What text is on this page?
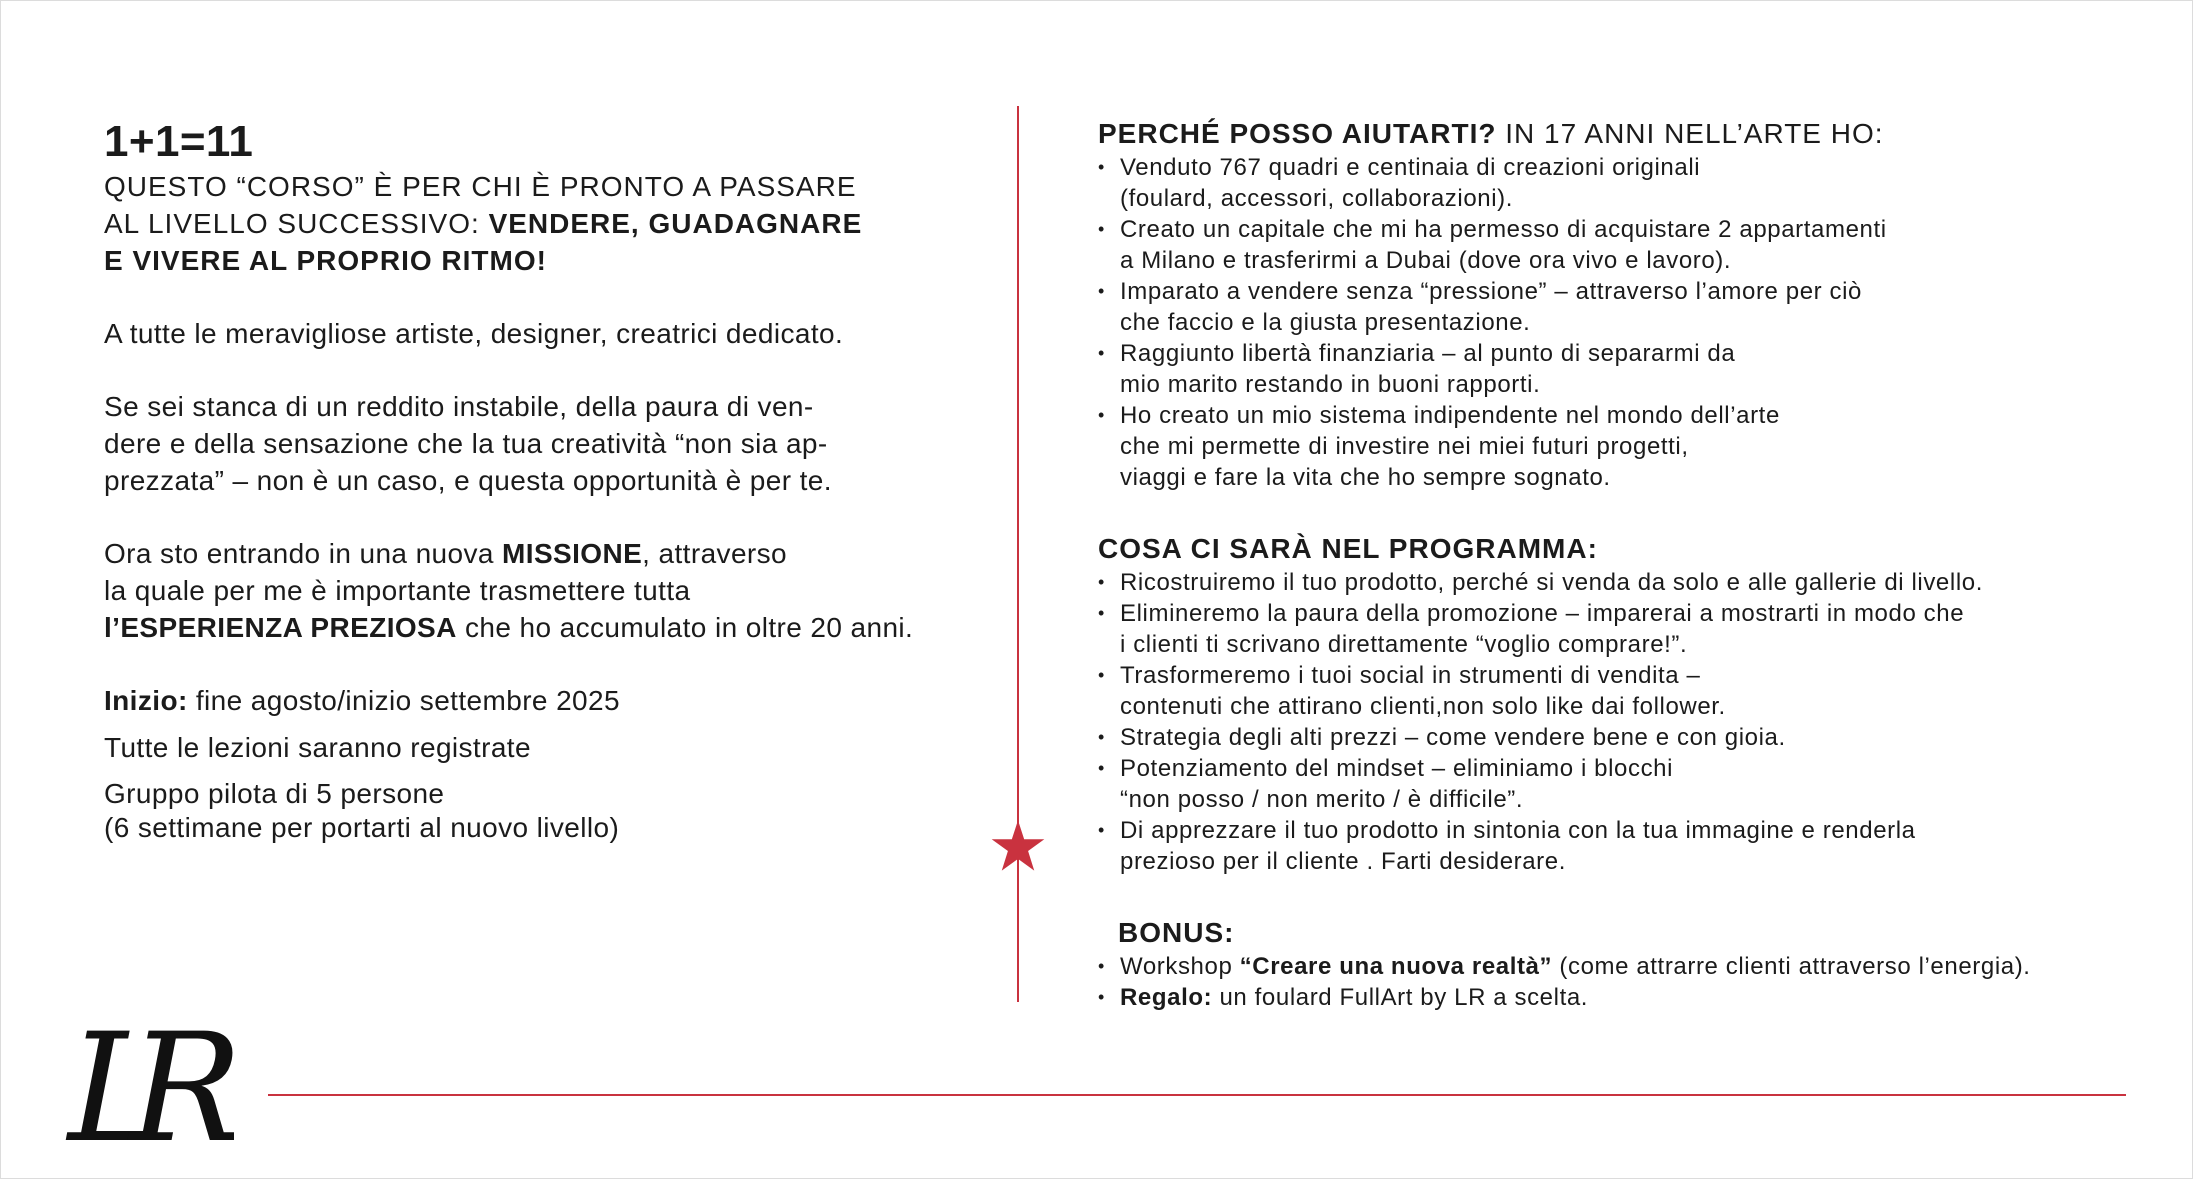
1+1=11

QUESTO “CORSO” È PER CHI È PRONTO A PASSARE
AL LIVELLO SUCCESSIVO: VENDERE, GUADAGNARE
E VIVERE AL PROPRIO RITMO!

A tutte le meravigliose artiste, designer, creatrici dedicato.

Se sei stanca di un reddito instabile, della paura di ven-
dere e della sensazione che la tua creatività “non sia ap-
prezzata” – non è un caso, e questa opportunità è per te.

Ora sto entrando in una nuova MISSIONE, attraverso
la quale per me è importante trasmettere tutta
l’ESPERIENZA PREZIOSA che ho accumulato in oltre 20 anni.

Inizio: fine agosto/inizio settembre 2025

Tutte le lezioni saranno registrate

Gruppo pilota di 5 persone
(6 settimane per portarti al nuovo livello)

PERCHÉ POSSO AIUTARTI? IN 17 ANNI NELL’ARTE HO:

• Venduto 767 quadri e centinaia di creazioni originali
(foulard, accessori, collaborazioni).
• Creato un capitale che mi ha permesso di acquistare 2 appartamenti
a Milano e trasferirmi a Dubai (dove ora vivo e lavoro).
• Imparato a vendere senza “pressione” – attraverso l’amore per ciò
che faccio e la giusta presentazione.
• Raggiunto libertà finanziaria – al punto di separarmi da
mio marito restando in buoni rapporti.
• Ho creato un mio sistema indipendente nel mondo dell’arte
che mi permette di investire nei miei futuri progetti,
viaggi e fare la vita che ho sempre sognato.

COSA CI SARÀ NEL PROGRAMMA:

• Ricostruiremo il tuo prodotto, perché si venda da solo e alle gallerie di livello.
• Elimineremo la paura della promozione – imparerai a mostrarti in modo che
i clienti ti scrivano direttamente “voglio comprare!”.
• Trasformeremo i tuoi social in strumenti di vendita –
contenuti che attirano clienti,non solo like dai follower.
• Strategia degli alti prezzi – come vendere bene e con gioia.
• Potenziamento del mindset – eliminiamo i blocchi
“non posso / non merito / è difficile”.
• Di apprezzare il tuo prodotto in sintonia con la tua immagine e renderla
prezioso per il cliente . Farti desiderare.

BONUS:

• Workshop “Creare una nuova realtà” (come attrarre clienti attraverso l’energia).
• Regalo: un foulard FullArt by LR a scelta.
LR
